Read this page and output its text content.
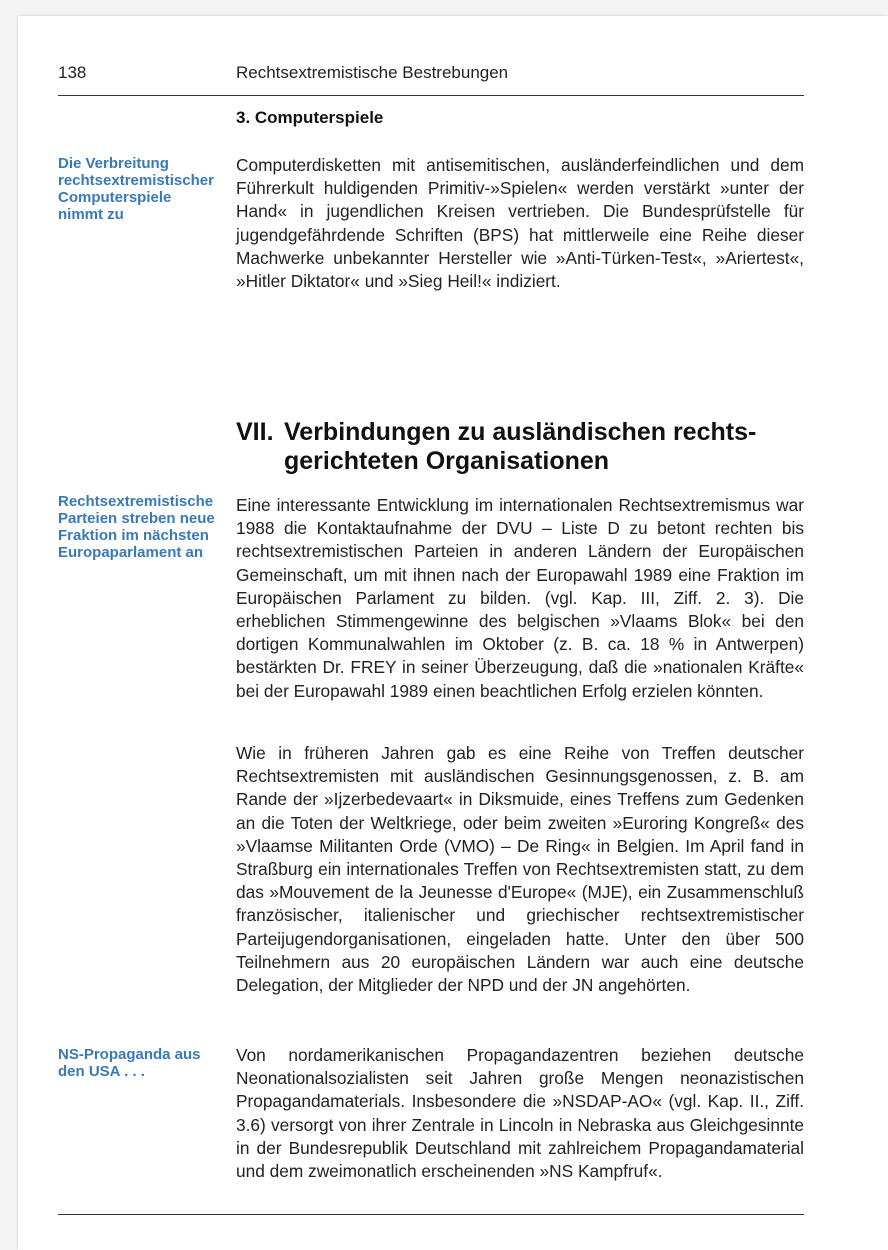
138	Rechtsextremistische Bestrebungen
3. Computerspiele
Die Verbreitung rechtsextremistischer Computerspiele nimmt zu
Computerdisketten mit antisemitischen, ausländerfeindlichen und dem Führerkult huldigenden Primitiv-»Spielen« werden verstärkt »unter der Hand« in jugendlichen Kreisen vertrieben. Die Bundesprüfstelle für jugendgefährdende Schriften (BPS) hat mittlerweile eine Reihe dieser Machwerke unbekannter Hersteller wie »Anti-Türken-Test«, »Ariertest«, »Hitler Diktator« und »Sieg Heil!« indiziert.
VII. Verbindungen zu ausländischen rechtsgerichteten Organisationen
Rechtsextremistische Parteien streben neue Fraktion im nächsten Europaparlament an
Eine interessante Entwicklung im internationalen Rechtsextremismus war 1988 die Kontaktaufnahme der DVU – Liste D zu betont rechten bis rechtsextremistischen Parteien in anderen Ländern der Europäischen Gemeinschaft, um mit ihnen nach der Europawahl 1989 eine Fraktion im Europäischen Parlament zu bilden. (vgl. Kap. III, Ziff. 2. 3). Die erheblichen Stimmengewinne des belgischen »Vlaams Blok« bei den dortigen Kommunalwahlen im Oktober (z. B. ca. 18 % in Antwerpen) bestärkten Dr. FREY in seiner Überzeugung, daß die »nationalen Kräfte« bei der Europawahl 1989 einen beachtlichen Erfolg erzielen könnten.
Wie in früheren Jahren gab es eine Reihe von Treffen deutscher Rechtsextremisten mit ausländischen Gesinnungsgenossen, z. B. am Rande der »Ijzerbedevaart« in Diksmuide, eines Treffens zum Gedenken an die Toten der Weltkriege, oder beim zweiten »Euroring Kongreß« des »Vlaamse Militanten Orde (VMO) – De Ring« in Belgien. Im April fand in Straßburg ein internationales Treffen von Rechtsextremisten statt, zu dem das »Mouvement de la Jeunesse d'Europe« (MJE), ein Zusammenschluß französischer, italienischer und griechischer rechtsextremistischer Parteijugendorganisationen, eingeladen hatte. Unter den über 500 Teilnehmern aus 20 europäischen Ländern war auch eine deutsche Delegation, der Mitglieder der NPD und der JN angehörten.
NS-Propaganda aus den USA . . .
Von nordamerikanischen Propagandazentren beziehen deutsche Neonationalsozialisten seit Jahren große Mengen neonazistischen Propagandamaterials. Insbesondere die »NSDAP-AO« (vgl. Kap. II., Ziff. 3.6) versorgt von ihrer Zentrale in Lincoln in Nebraska aus Gleichgesinnte in der Bundesrepublik Deutschland mit zahlreichem Propagandamaterial und dem zweimonatlich erscheinenden »NS Kampfruf«.
